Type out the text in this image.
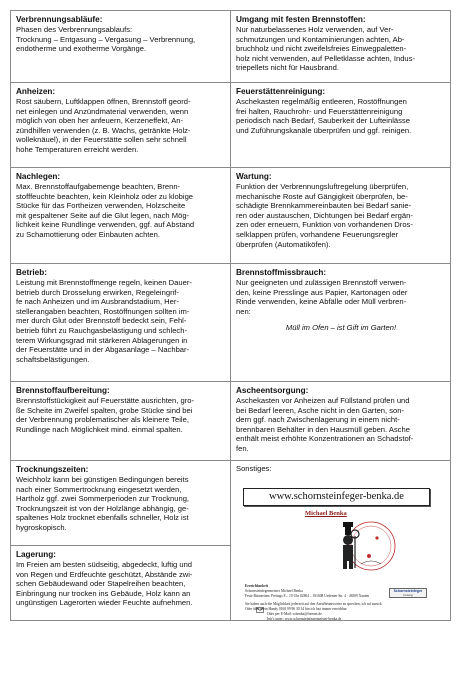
Verbrennungsabläufe:
Phasen des Verbrennungsablaufs:
Trocknung – Entgasung – Vergasung – Verbrennung,
endotherme und exotherme Vorgänge.
Umgang mit festen Brennstoffen:
Nur naturbelassenes Holz verwenden, auf Ver-
schmutzungen und Kontaminierungen achten, Ab-
bruchholz und nicht zweifelsfreies Einwegpaletten-
holz nicht verwenden, auf Pelletklasse achten, Indus-
triepellets nicht für Hausbrand.
Anheizen:
Rost säubern, Luftklappen öffnen, Brennstoff geord-
net einlegen und Anzündmaterial verwenden, wenn
möglich von oben her anfeuern, Kerzeneffekt, An-
zündhilfen verwenden (z. B. Wachs, getränkte Holz-
wolleknäuel), in der Feuerstätte sollen sehr schnell
hohe Temperaturen erreicht werden.
Feuerstättenreinigung:
Aschekasten regelmäßig entleeren, Rostöffnungen
frei halten, Rauchrohr- und Feuerstättenreinigung
periodisch nach Bedarf, Sauberkeit der Lufteinlässe
und Zuführungskanäle überprüfen und ggf. reinigen.
Nachlegen:
Max. Brennstoffaufgabemenge beachten, Brenn-
stofffeuchte beachten, kein Kleinholz oder zu klobige
Stücke für das Fortheizen verwenden, Holzscheite
mit gespaltener Seite auf die Glut legen, nach Mög-
lichkeit keine Rundlinge verwenden, ggf. auf Abstand
zu Schamottierung oder Einbauten achten.
Wartung:
Funktion der Verbrennungsluftregelung überprüfen,
mechanische Roste auf Gängigkeit überprüfen, be-
schädigte Brennkammereinbauten bei Bedarf sanie-
ren oder austauschen, Dichtungen bei Bedarf ergän-
zen oder erneuern, Funktion von vorhandenen Dros-
selklappen prüfen, vorhandene Feuerungsregler
überprüfen (Automatiköfen).
Betrieb:
Leistung mit Brennstoffmenge regeln, keinen Dauer-
betrieb durch Drosselung erwirken, Regeleingrif-
fe nach Anheizen und im Ausbrandstadium, Her-
stellerangaben beachten, Rostöffnungen sollten im-
mer durch Glut oder Brennstoff bedeckt sein, Fehl-
betrieb führt zu Rauchgasbelästigung und schlech-
terem Wirkungsgrad mit stärkeren Ablagerungen in
der Feuerstätte und in der Abgasanlage – Nachbar-
schaftsbelästigungen.
Brennstoffmissbrauch:
Nur geeigneten und zulässigen Brennstoff verwen-
den, keine Presslinge aus Papier, Kartonagen oder
Rinde verwenden, keine Abfälle oder Müll verbren-
nen:
Müll im Ofen – ist Gift im Garten!
Brennstoffaufbereitung:
Brennstoffstückigkeit auf Feuerstätte ausrichten, gro-
ße Scheite im Zweifel spalten, grobe Stücke sind bei
der Verbrennung problematischer als kleinere Teile,
Rundlinge nach Möglichkeit mind. einmal spalten.
Ascheentsorgung:
Aschekasten vor Anheizen auf Füllstand prüfen und
bei Bedarf leeren, Asche nicht in den Garten, son-
dern ggf. nach Zwischenlagerung in einem nicht-
brennbaren Behälter in den Hausmüll geben. Asche
enthält meist erhöhte Konzentrationen an Schadstof-
fen.
Trocknungszeiten:
Weichholz kann bei günstigen Bedingungen bereits
nach einer Sommertrocknung eingesetzt werden,
Hartholz ggf. zwei Sommerperioden zur Trocknung,
Trocknungszeit ist von der Holzlänge abhängig, ge-
spaltenes Holz trocknet ebenfalls schneller, Holz ist
hygroskopisch.
Lagerung:
Im Freien am besten südseitig, abgedeckt, luftig und
von Regen und Erdfeuchte geschützt, Abstände zwi-
schen Gebäudewand oder Stapelreihen beachten,
Einbringung nur trocken ins Gebäude, Holz kann an
ungünstigen Lagerorten wieder Feuchte aufnehmen.
Sonstiges:
www.schornsteinfeger-benka.de
Michael Benka
Erreichbarkeit
Schornsteinfegermeister Michael Benka
Feste Bürozeiten: Freitags 8 – 10 Uhr 02804 – 181608 Uedemer Str. 4 · 46509 Xanten
Sie haben auch die Möglichkeit jederzeit auf den Anrufbeantworter zu sprechen, ich ruf zurück
Oder über mein Handy 0160 99 96 30 34 bin ich fast immer erreichbar
Oder per E-Mail: schenka@freenet.de
Infr's unter: www.schornsteinfegermeister-benka.de
Schornsteinfeger
Innung
